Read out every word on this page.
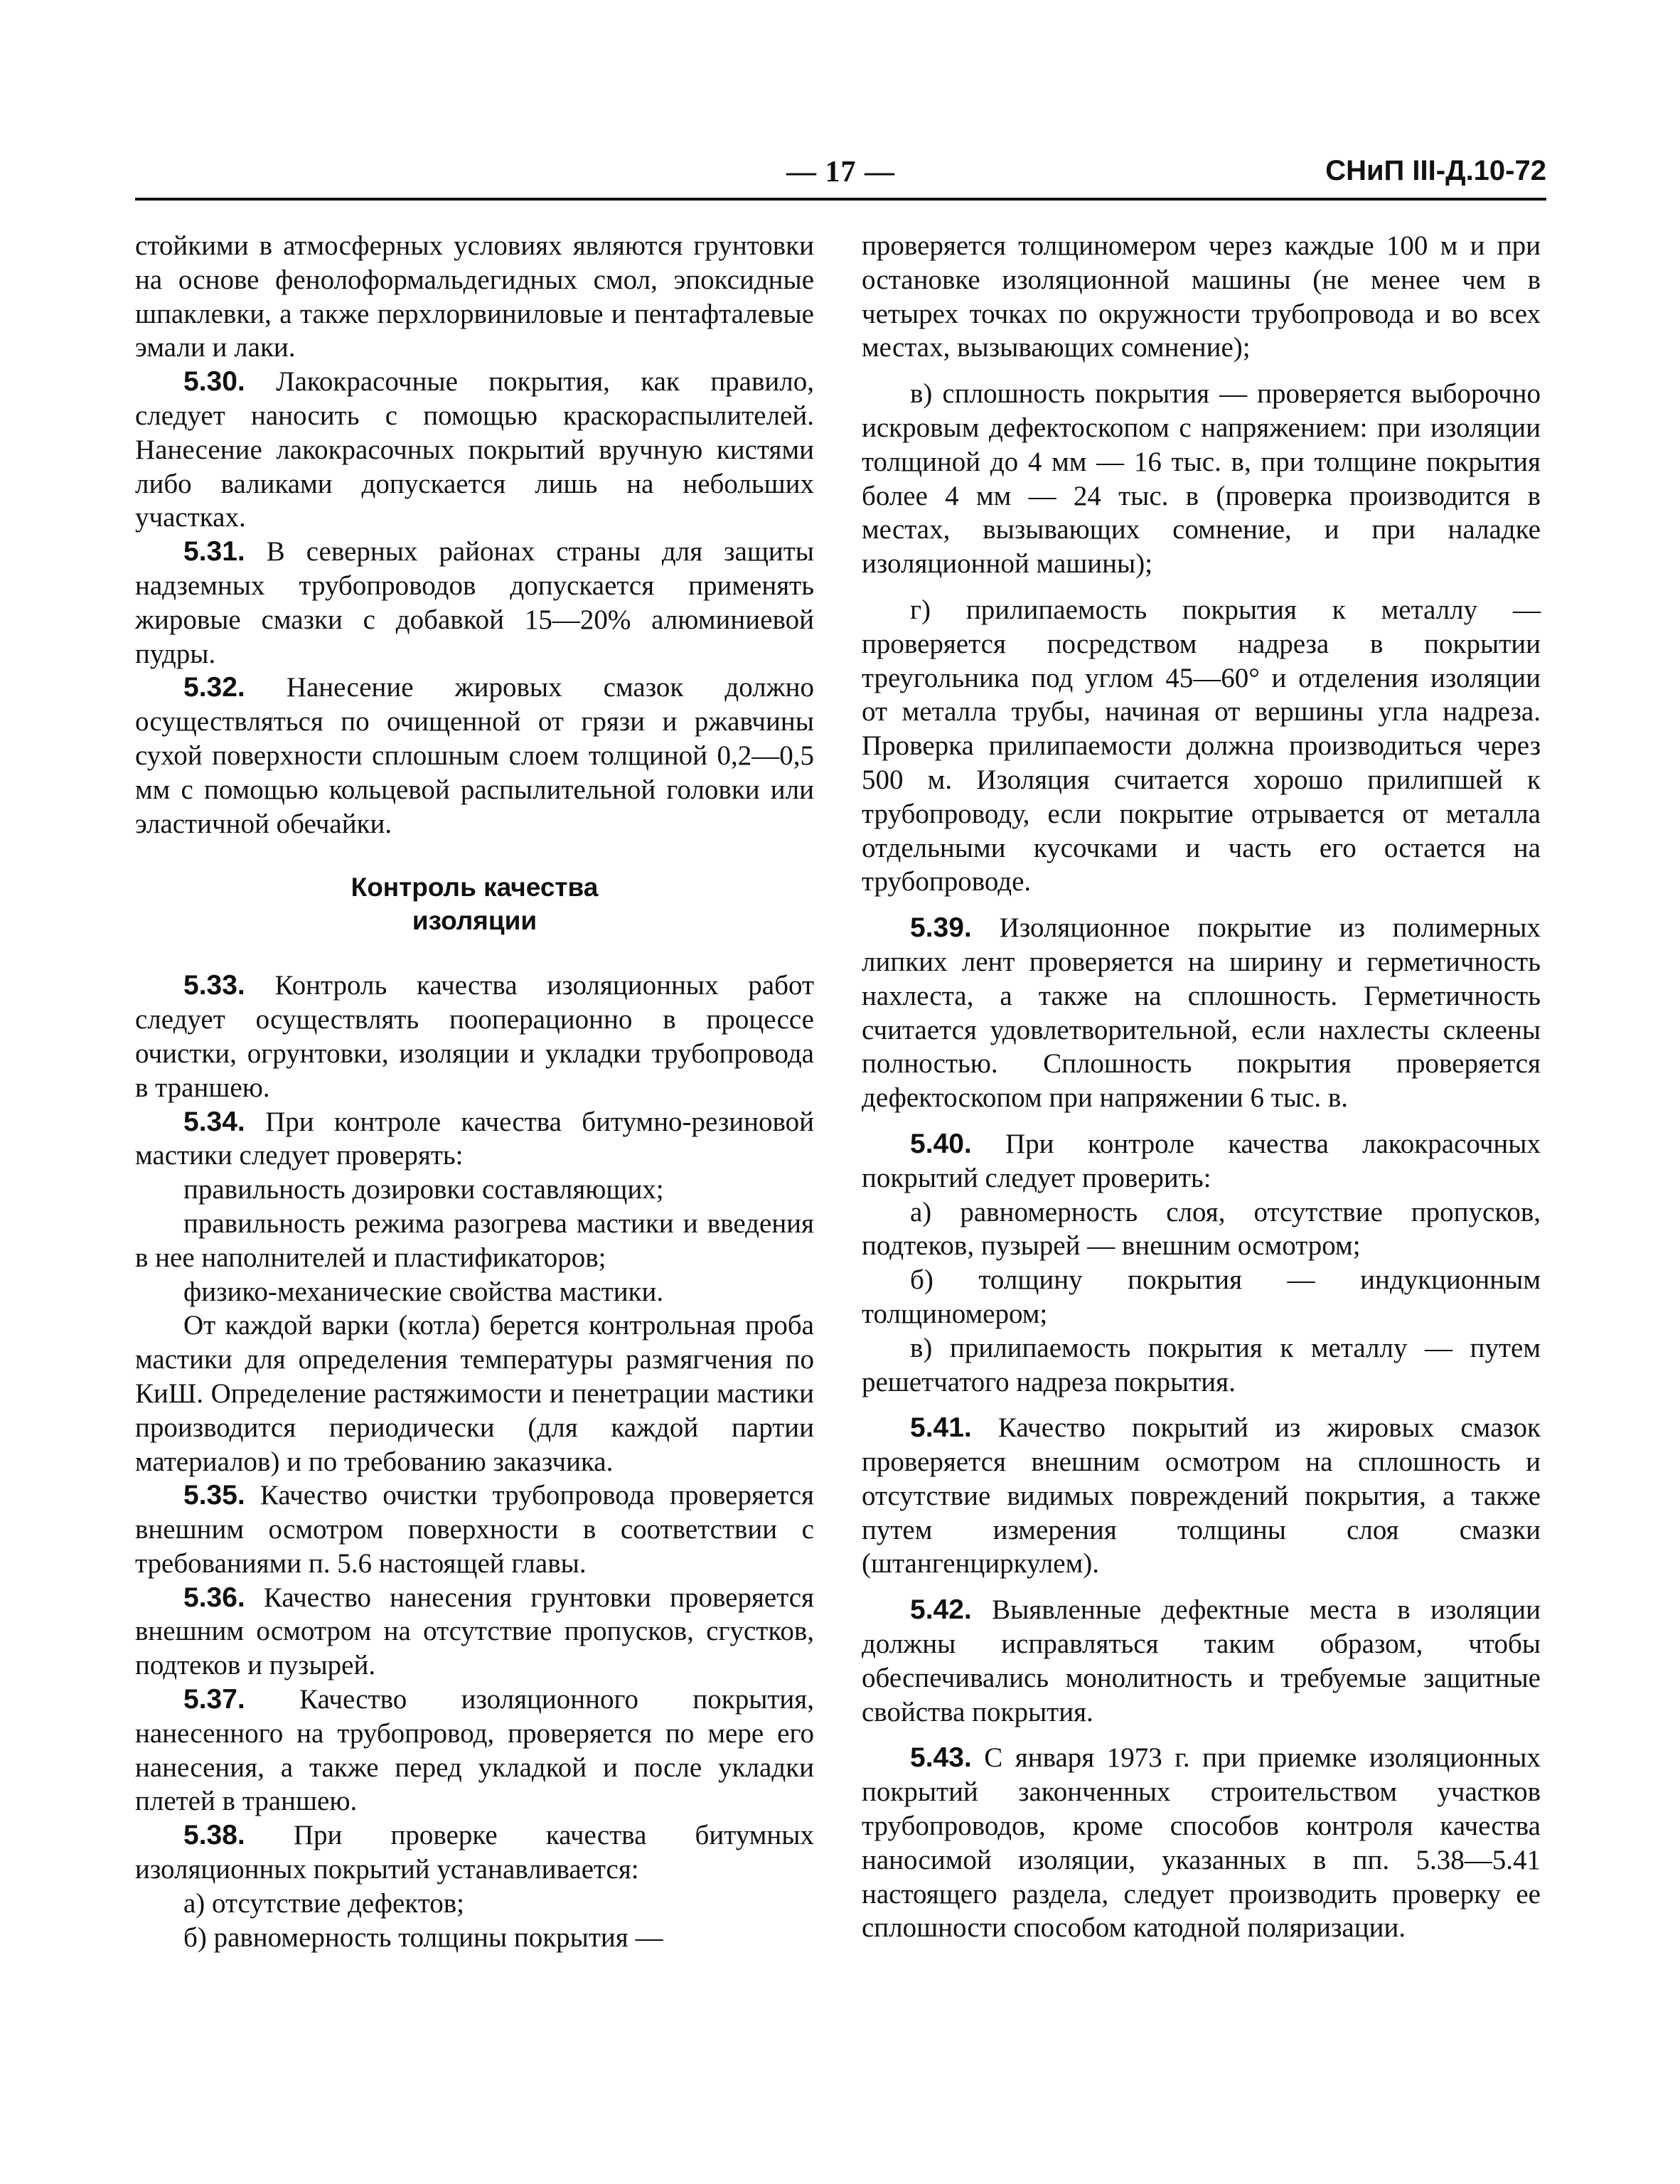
— 17 —	СНиП III-Д.10-72

стойкими в атмосферных условиях являются грунтовки на основе фенолоформальдегидных смол, эпоксидные шпаклевки, а также перхлорвиниловые и пентафталевые эмали и лаки.

5.30. Лакокрасочные покрытия, как правило, следует наносить с помощью краскораспылителей. Нанесение лакокрасочных покрытий вручную кистями либо валиками допускается лишь на небольших участках.

5.31. В северных районах страны для защиты надземных трубопроводов допускается применять жировые смазки с добавкой 15—20% алюминиевой пудры.

5.32. Нанесение жировых смазок должно осуществляться по очищенной от грязи и ржавчины сухой поверхности сплошным слоем толщиной 0,2—0,5 мм с помощью кольцевой распылительной головки или эластичной обечайки.

Контроль качества
изоляции

5.33. Контроль качества изоляционных работ следует осуществлять пооперационно в процессе очистки, огрунтовки, изоляции и укладки трубопровода в траншею.

5.34. При контроле качества битумно-резиновой мастики следует проверять:

правильность дозировки составляющих;

правильность режима разогрева мастики и введения в нее наполнителей и пластификаторов;

физико-механические свойства мастики.

От каждой варки (котла) берется контрольная проба мастики для определения температуры размягчения по КиШ. Определение растяжимости и пенетрации мастики производится периодически (для каждой партии материалов) и по требованию заказчика.

5.35. Качество очистки трубопровода проверяется внешним осмотром поверхности в соответствии с требованиями п. 5.6 настоящей главы.

5.36. Качество нанесения грунтовки проверяется внешним осмотром на отсутствие пропусков, сгустков, подтеков и пузырей.

5.37. Качество изоляционного покрытия, нанесенного на трубопровод, проверяется по мере его нанесения, а также перед укладкой и после укладки плетей в траншею.

5.38. При проверке качества битумных изоляционных покрытий устанавливается:

а) отсутствие дефектов;

б) равномерность толщины покрытия —

проверяется толщиномером через каждые 100 м и при остановке изоляционной машины (не менее чем в четырех точках по окружности трубопровода и во всех местах, вызывающих сомнение);

в) сплошность покрытия — проверяется выборочно искровым дефектоскопом с напряжением: при изоляции толщиной до 4 мм — 16 тыс. в, при толщине покрытия более 4 мм — 24 тыс. в (проверка производится в местах, вызывающих сомнение, и при наладке изоляционной машины);

г) прилипаемость покрытия к металлу — проверяется посредством надреза в покрытии треугольника под углом 45—60° и отделения изоляции от металла трубы, начиная от вершины угла надреза. Проверка прилипаемости должна производиться через 500 м. Изоляция считается хорошо прилипшей к трубопроводу, если покрытие отрывается от металла отдельными кусочками и часть его остается на трубопроводе.

5.39. Изоляционное покрытие из полимерных липких лент проверяется на ширину и герметичность нахлеста, а также на сплошность. Герметичность считается удовлетворительной, если нахлесты склеены полностью. Сплошность покрытия проверяется дефектоскопом при напряжении 6 тыс. в.

5.40. При контроле качества лакокрасочных покрытий следует проверить:

а) равномерность слоя, отсутствие пропусков, подтеков, пузырей — внешним осмотром;

б) толщину покрытия — индукционным толщиномером;

в) прилипаемость покрытия к металлу — путем решетчатого надреза покрытия.

5.41. Качество покрытий из жировых смазок проверяется внешним осмотром на сплошность и отсутствие видимых повреждений покрытия, а также путем измерения толщины слоя смазки (штангенциркулем).

5.42. Выявленные дефектные места в изоляции должны исправляться таким образом, чтобы обеспечивались монолитность и требуемые защитные свойства покрытия.

5.43. С января 1973 г. при приемке изоляционных покрытий законченных строительством участков трубопроводов, кроме способов контроля качества наносимой изоляции, указанных в пп. 5.38—5.41 настоящего раздела, следует производить проверку ее сплошности способом катодной поляризации.
